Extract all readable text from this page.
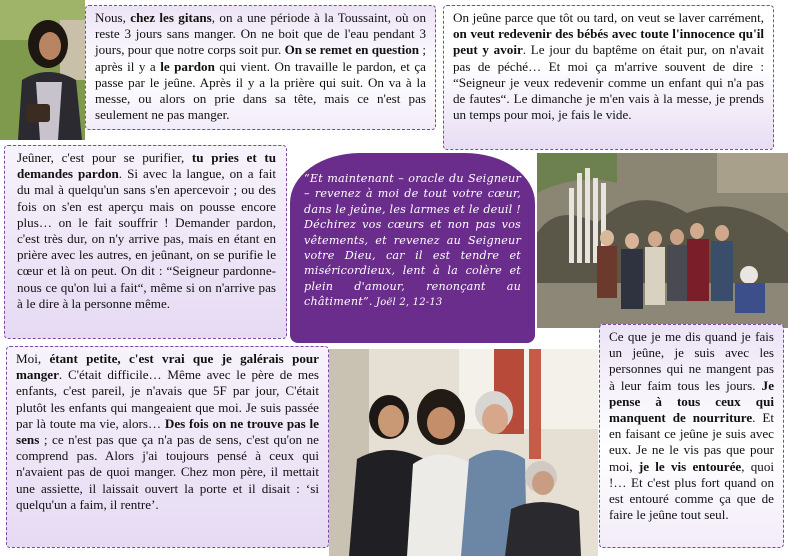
Nous, chez les gitans, on a une période à la Toussaint, où on reste 3 jours sans manger. On ne boit que de l'eau pendant 3 jours, pour que notre corps soit pur. On se remet en question ; après il y a le pardon qui vient. On travaille le pardon, et ça passe par le jeûne. Après il y a la prière qui suit. On va à la messe, ou alors on prie dans sa tête, mais ce n'est pas seulement ne pas manger.

On jeûne parce que tôt ou tard, on veut se laver carrément, on veut redevenir des bébés avec toute l'innocence qu'il peut y avoir. Le jour du baptême on était pur, on n'avait pas de péché… Et moi ça m'arrive souvent de dire : “Seigneur je veux redevenir comme un enfant qui n'a pas de fautes“. Le dimanche je m'en vais à la messe, je prends un temps pour moi, je fais le vide.

Jeûner, c'est pour se purifier, tu pries et tu demandes pardon. Si avec la langue, on a fait du mal à quelqu'un sans s'en apercevoir ; ou des fois on s'en est aperçu mais on pousse encore plus… on le fait souffrir ! Demander pardon, c'est très dur, on n'y arrive pas, mais en étant en prière avec les autres, en jeûnant, on se purifie le cœur et là on peut. On dit : “Seigneur pardonne-nous ce qu'on lui a fait“, même si on n'arrive pas à le dire à la personne même.

“Et maintenant – oracle du Seigneur – revenez à moi de tout votre cœur, dans le jeûne, les larmes et le deuil ! Déchirez vos cœurs et non pas vos vêtements, et revenez au Seigneur votre Dieu, car il est tendre et miséricordieux, lent à la colère et plein d'amour, renonçant au châtiment”. Joël 2, 12-13

Moi, étant petite, c'est vrai que je galérais pour manger. C'était difficile… Même avec le père de mes enfants, c'est pareil, je n'avais que 5F par jour, C'était plutôt les enfants qui mangeaient que moi. Je suis passée par là toute ma vie, alors… Des fois on ne trouve pas le sens ; ce n'est pas que ça n'a pas de sens, c'est qu'on ne comprend pas. Alors j'ai toujours pensé à ceux qui n'avaient pas de quoi manger. Chez mon père, il mettait une assiette, il laissait ouvert la porte et il disait : ‘si quelqu'un a faim, il rentre’.

Ce que je me dis quand je fais un jeûne, je suis avec les personnes qui ne mangent pas à leur faim tous les jours. Je pense à tous ceux qui manquent de nourriture. Et en faisant ce jeûne je suis avec eux. Je ne le vis pas que pour moi, je le vis entourée, quoi !… Et c'est plus fort quand on est entouré comme ça que de faire le jeûne tout seul.
